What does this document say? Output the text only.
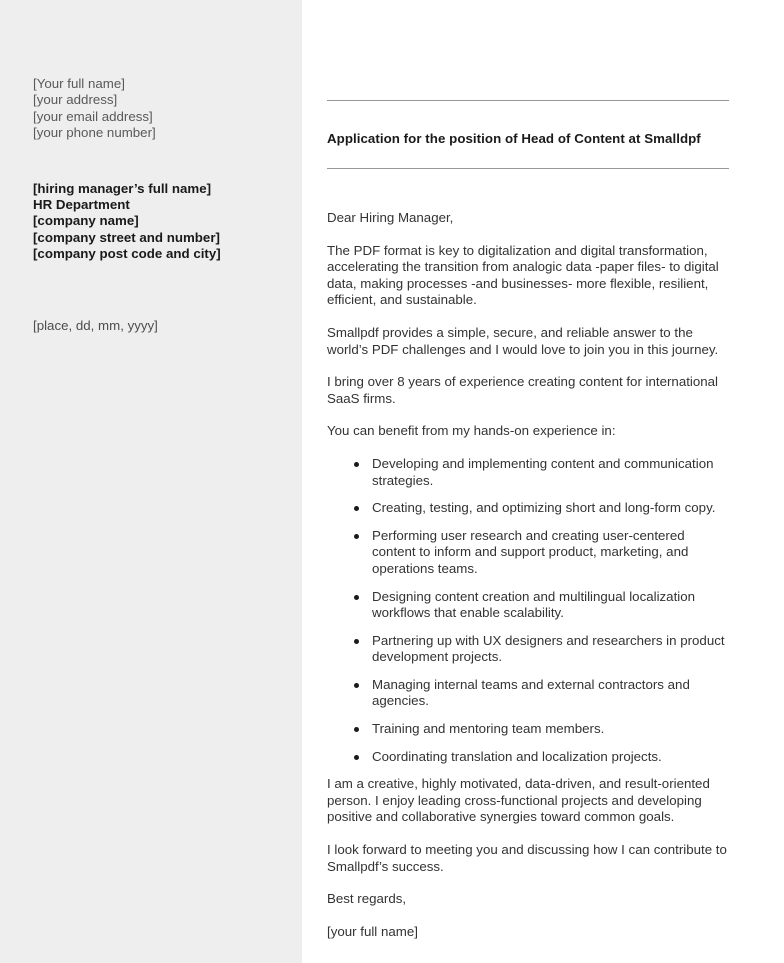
[Your full name]
[your address]
[your email address]
[your phone number]
[hiring manager’s full name]
HR Department
[company name]
[company street and number]
[company post code and city]
[place, dd, mm, yyyy]
Application for the position of Head of Content at Smalldpf

Dear Hiring Manager,

The PDF format is key to digitalization and digital transformation, accelerating the transition from analogic data -paper files- to digital data, making processes -and businesses- more flexible, resilient, efficient, and sustainable.

Smallpdf provides a simple, secure, and reliable answer to the world’s PDF challenges and I would love to join you in this journey.

I bring over 8 years of experience creating content for international SaaS firms.

You can benefit from my hands-on experience in:

Developing and implementing content and communication strategies.
Creating, testing, and optimizing short and long-form copy.
Performing user research and creating user-centered content to inform and support product, marketing, and operations teams.
Designing content creation and multilingual localization workflows that enable scalability.
Partnering up with UX designers and researchers in product development projects.
Managing internal teams and external contractors and agencies.
Training and mentoring team members.
Coordinating translation and localization projects.

I am a creative, highly motivated, data-driven, and result-oriented person. I enjoy leading cross-functional projects and developing positive and collaborative synergies toward common goals.

I look forward to meeting you and discussing how I can contribute to Smallpdf’s success.

Best regards,

[your full name]
